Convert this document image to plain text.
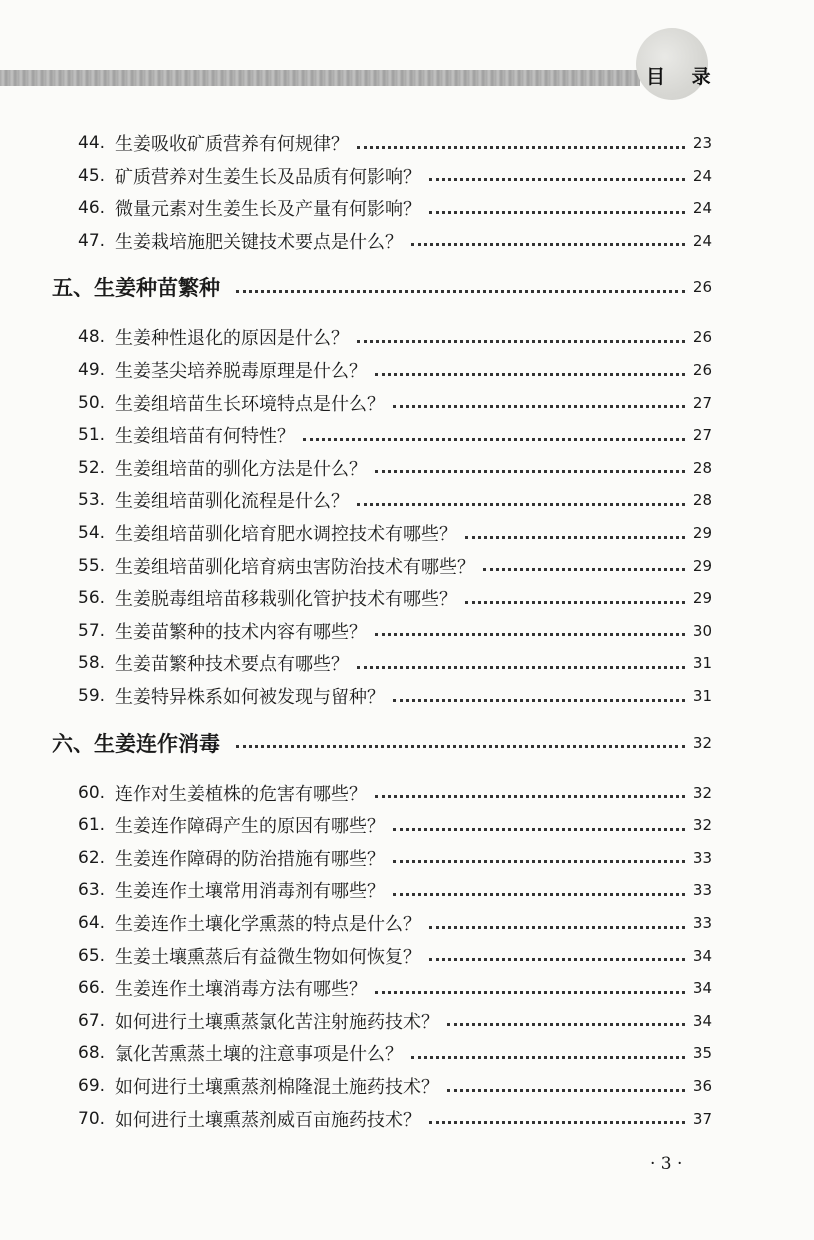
目 录
44. 生姜吸收矿质营养有何规律？	23
45. 矿质营养对生姜生长及品质有何影响？	24
46. 微量元素对生姜生长及产量有何影响？	24
47. 生姜栽培施肥关键技术要点是什么？	24
五、生姜种苗繁种	26
48. 生姜种性退化的原因是什么？	26
49. 生姜茎尖培养脱毒原理是什么？	26
50. 生姜组培苗生长环境特点是什么？	27
51. 生姜组培苗有何特性？	27
52. 生姜组培苗的驯化方法是什么？	28
53. 生姜组培苗驯化流程是什么？	28
54. 生姜组培苗驯化培育肥水调控技术有哪些？	29
55. 生姜组培苗驯化培育病虫害防治技术有哪些？	29
56. 生姜脱毒组培苗移栽驯化管护技术有哪些？	29
57. 生姜苗繁种的技术内容有哪些？	30
58. 生姜苗繁种技术要点有哪些？	31
59. 生姜特异株系如何被发现与留种？	31
六、生姜连作消毒	32
60. 连作对生姜植株的危害有哪些？	32
61. 生姜连作障碍产生的原因有哪些？	32
62. 生姜连作障碍的防治措施有哪些？	33
63. 生姜连作土壤常用消毒剂有哪些？	33
64. 生姜连作土壤化学熏蒸的特点是什么？	33
65. 生姜土壤熏蒸后有益微生物如何恢复？	34
66. 生姜连作土壤消毒方法有哪些？	34
67. 如何进行土壤熏蒸氯化苦注射施药技术？	34
68. 氯化苦熏蒸土壤的注意事项是什么？	35
69. 如何进行土壤熏蒸剂棉隆混土施药技术？	36
70. 如何进行土壤熏蒸剂威百亩施药技术？	37
· 3 ·
